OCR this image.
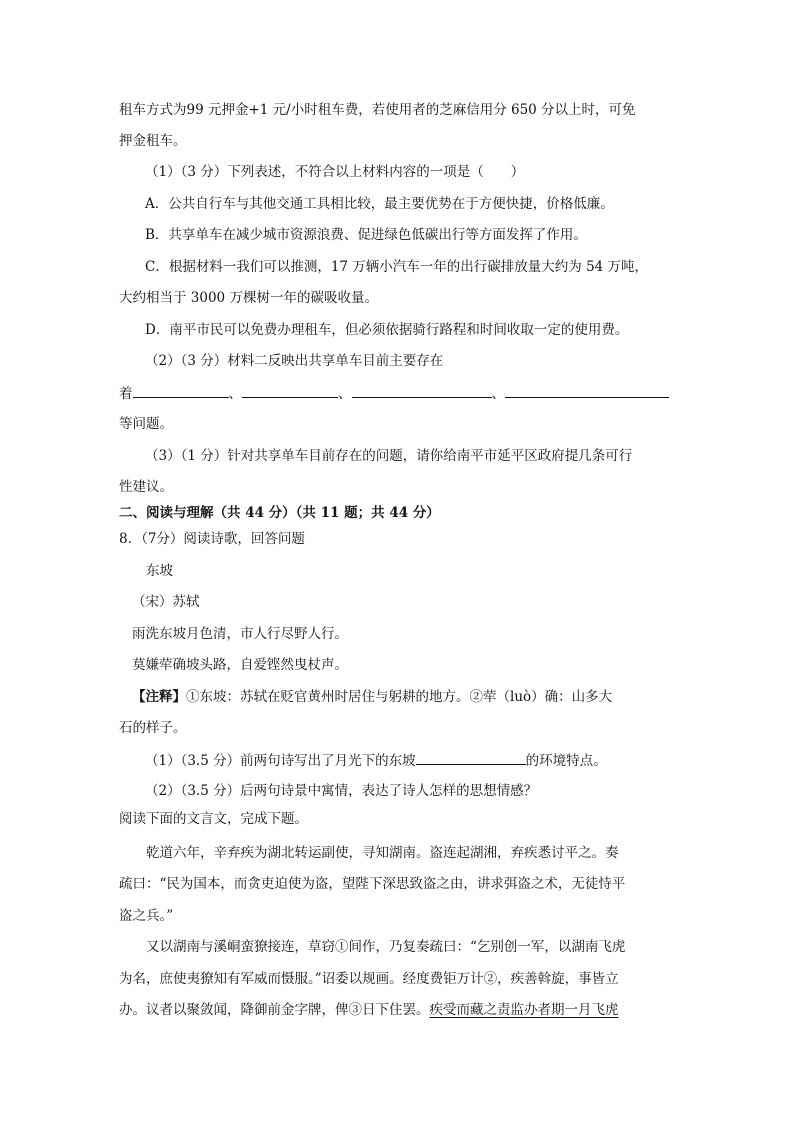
租车方式为99 元押金+1 元/小时租车费，若使用者的芝麻信用分 650 分以上时，可免
押金租车。
（1）（3 分）下列表述，不符合以上材料内容的一项是（　　）
A．公共自行车与其他交通工具相比较，最主要优势在于方便快捷，价格低廉。
B．共享单车在减少城市资源浪费、促进绿色低碳出行等方面发挥了作用。
C．根据材料一我们可以推测，17 万辆小汽车一年的出行碳排放量大约为 54 万吨，
大约相当于 3000 万棵树一年的碳吸收量。
D．南平市民可以免费办理租车，但必须依据骑行路程和时间收取一定的使用费。
（2）（3 分）材料二反映出共享单车目前主要存在
着	、	、	、
等问题。
（3）（1 分）针对共享单车目前存在的问题，请你给南平市延平区政府提几条可行
性建议。
二、阅读与理解（共 44 分）（共 11 题；共 44 分）
8．（7分）阅读诗歌，回答问题
东坡
（宋）苏轼
雨洗东坡月色清，市人行尽野人行。
莫嫌荦确坡头路，自爱铿然曳杖声。
【注释】①东坡：苏轼在贬官黄州时居住与躬耕的地方。②荦（luò）确：山多大
石的样子。
（1）（3.5 分）前两句诗写出了月光下的东坡	的环境特点。
（2）（3.5 分）后两句诗景中寓情，表达了诗人怎样的思想情感？
阅读下面的文言文，完成下题。
乾道六年，辛弃疾为湖北转运副使，寻知湖南。盗连起湖湘，弃疾悉讨平之。奏
疏曰：“民为国本，而贪吏迫使为盗，望陛下深思致盗之由，讲求弭盗之术，无徒恃平
盗之兵。”
又以湖南与溪峒蛮獠接连，草窃①间作，乃复奏疏曰：“乞别创一军，以湖南飞虎
为名，庶使夷獠知有军威而慑服。”诏委以规画。经度费钜万计②，疾善斡旋，事皆立
办。议者以聚敛闻，降御前金字牌，俾③日下住罢。疾受而藏之责监办者期一月飞虎
